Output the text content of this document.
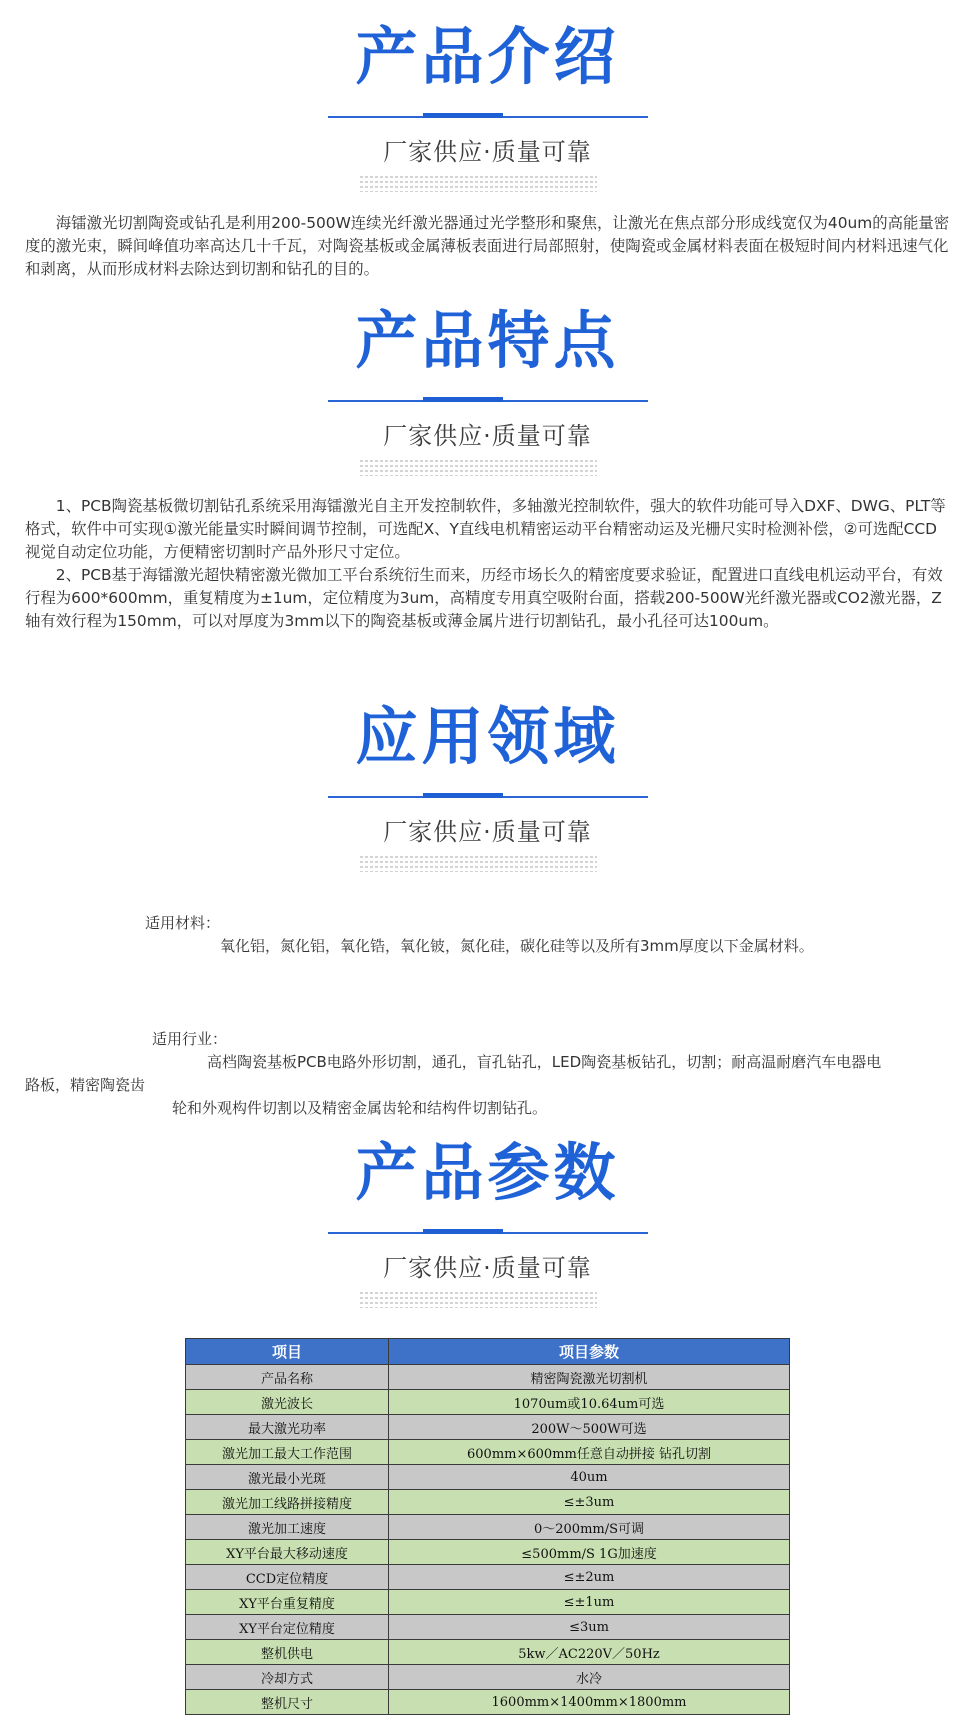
产品介绍
厂家供应·质量可靠

海镭激光切割陶瓷或钻孔是利用200-500W连续光纤激光器通过光学整形和聚焦，让激光在焦点部分形成线宽仅为40um的高能量密度的激光束，瞬间峰值功率高达几十千瓦，对陶瓷基板或金属薄板表面进行局部照射，使陶瓷或金属材料表面在极短时间内材料迅速气化和剥离，从而形成材料去除达到切割和钻孔的目的。

产品特点
厂家供应·质量可靠

1、PCB陶瓷基板微切割钻孔系统采用海镭激光自主开发控制软件，多轴激光控制软件，强大的软件功能可导入DXF、DWG、PLT等格式，软件中可实现①激光能量实时瞬间调节控制，可选配X、Y直线电机精密运动平台精密动运及光栅尺实时检测补偿，②可选配CCD视觉自动定位功能，方便精密切割时产品外形尺寸定位。

2、PCB基于海镭激光超快精密激光微加工平台系统衍生而来，历经市场长久的精密度要求验证，配置进口直线电机运动平台，有效行程为600*600mm，重复精度为±1um，定位精度为3um，高精度专用真空吸附台面，搭载200-500W光纤激光器或CO2激光器，Z轴有效行程为150mm，可以对厚度为3mm以下的陶瓷基板或薄金属片进行切割钻孔，最小孔径可达100um。

应用领域
厂家供应·质量可靠
适用材料：
氧化铝，氮化铝，氧化锆，氧化铍，氮化硅，碳化硅等以及所有3mm厚度以下金属材料。
适用行业：
高档陶瓷基板PCB电路外形切割，通孔，盲孔钻孔，LED陶瓷基板钻孔，切割；耐高温耐磨汽车电器电
路板，精密陶瓷齿
轮和外观构件切割以及精密金属齿轮和结构件切割钻孔。
产品参数
厂家供应·质量可靠
项目	项目参数
产品名称	精密陶瓷激光切割机
激光波长	1070um或10.64um可选
最大激光功率	200W～500W可选
激光加工最大工作范围	600mm×600mm任意自动拼接 钻孔切割
激光最小光斑	40um
激光加工线路拼接精度	≤±3um
激光加工速度	0～200mm/S可调
XY平台最大移动速度	≤500mm/S 1G加速度
CCD定位精度	≤±2um
XY平台重复精度	≤±1um
XY平台定位精度	≤3um
整机供电	5kw／AC220V／50Hz
冷却方式	水冷
整机尺寸	1600mm×1400mm×1800mm
